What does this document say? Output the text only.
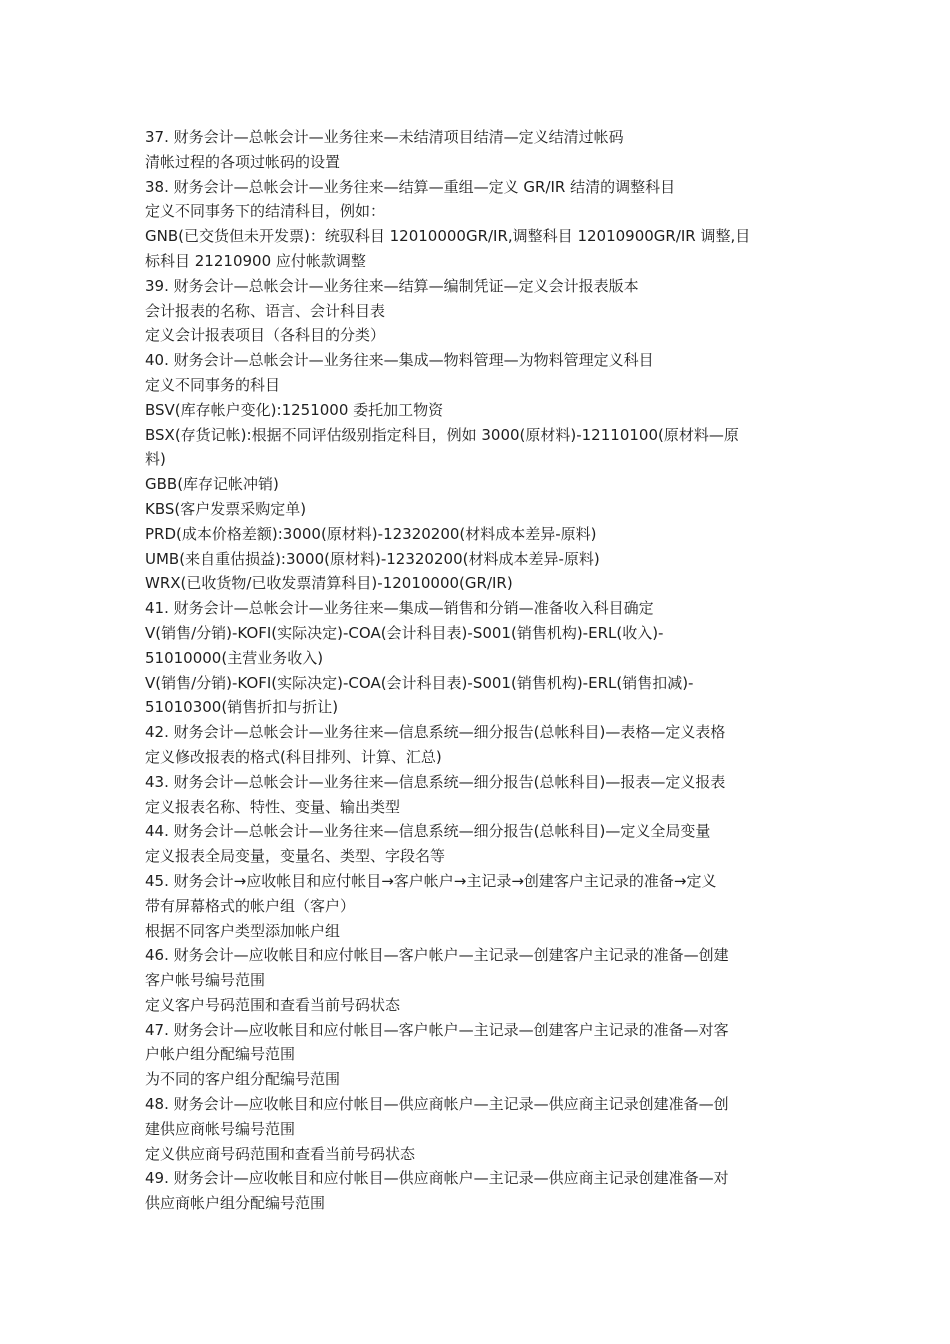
37. 财务会计—总帐会计—业务往来—未结清项目结清—定义结清过帐码
清帐过程的各项过帐码的设置
38. 财务会计—总帐会计—业务往来—结算—重组—定义 GR/IR 结清的调整科目
定义不同事务下的结清科目，例如：
GNB(已交货但未开发票)：统驭科目 12010000GR/IR,调整科目 12010900GR/IR 调整,目
标科目 21210900 应付帐款调整
39. 财务会计—总帐会计—业务往来—结算—编制凭证—定义会计报表版本
会计报表的名称、语言、会计科目表
定义会计报表项目（各科目的分类）
40. 财务会计—总帐会计—业务往来—集成—物料管理—为物料管理定义科目
定义不同事务的科目
BSV(库存帐户变化):1251000 委托加工物资
BSX(存货记帐):根据不同评估级别指定科目，例如 3000(原材料)-12110100(原材料—原
料)
GBB(库存记帐冲销)
KBS(客户发票采购定单)
PRD(成本价格差额):3000(原材料)-12320200(材料成本差异-原料)
UMB(来自重估损益):3000(原材料)-12320200(材料成本差异-原料)
WRX(已收货物/已收发票清算科目)-12010000(GR/IR)
41. 财务会计—总帐会计—业务往来—集成—销售和分销—准备收入科目确定
V(销售/分销)-KOFI(实际决定)-COA(会计科目表)-S001(销售机构)-ERL(收入)-
51010000(主营业务收入)
V(销售/分销)-KOFI(实际决定)-COA(会计科目表)-S001(销售机构)-ERL(销售扣减)-
51010300(销售折扣与折让)
42. 财务会计—总帐会计—业务往来—信息系统—细分报告(总帐科目)—表格—定义表格
定义修改报表的格式(科目排列、计算、汇总)
43. 财务会计—总帐会计—业务往来—信息系统—细分报告(总帐科目)—报表—定义报表
定义报表名称、特性、变量、输出类型
44. 财务会计—总帐会计—业务往来—信息系统—细分报告(总帐科目)—定义全局变量
定义报表全局变量，变量名、类型、字段名等
45. 财务会计→应收帐目和应付帐目→客户帐户→主记录→创建客户主记录的准备→定义
带有屏幕格式的帐户组（客户）
根据不同客户类型添加帐户组
46. 财务会计—应收帐目和应付帐目—客户帐户—主记录—创建客户主记录的准备—创建
客户帐号编号范围
定义客户号码范围和查看当前号码状态
47. 财务会计—应收帐目和应付帐目—客户帐户—主记录—创建客户主记录的准备—对客
户帐户组分配编号范围
为不同的客户组分配编号范围
48. 财务会计—应收帐目和应付帐目—供应商帐户—主记录—供应商主记录创建准备—创
建供应商帐号编号范围
定义供应商号码范围和查看当前号码状态
49. 财务会计—应收帐目和应付帐目—供应商帐户—主记录—供应商主记录创建准备—对
供应商帐户组分配编号范围
